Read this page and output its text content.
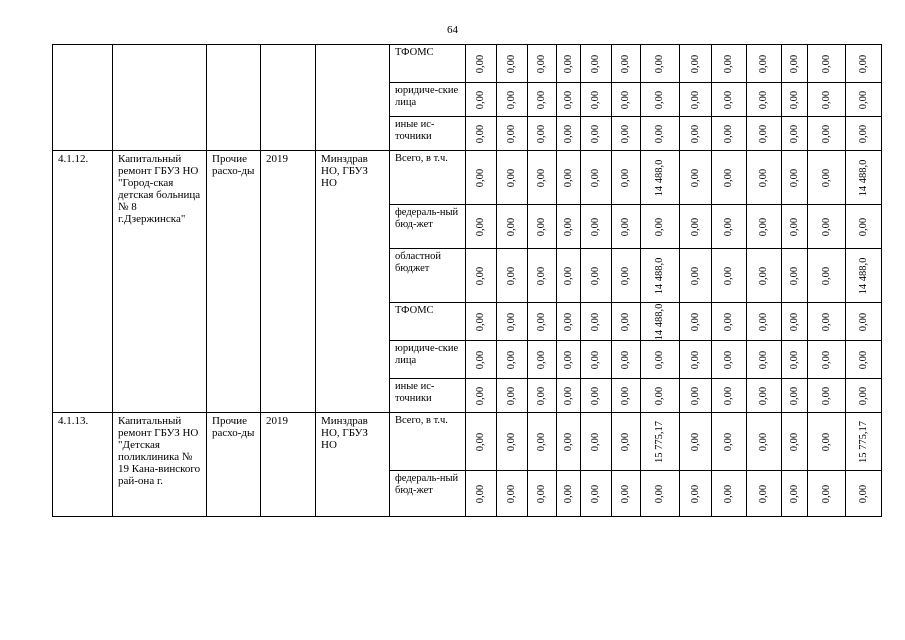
64
					ТФОМС	0,00	0,00	0,00	0,00	0,00	0,00	0,00	0,00	0,00	0,00	0,00	0,00	0,00

					юридиче-ские лица	0,00	0,00	0,00	0,00	0,00	0,00	0,00	0,00	0,00	0,00	0,00	0,00	0,00

					иные ис-точники	0,00	0,00	0,00	0,00	0,00	0,00	0,00	0,00	0,00	0,00	0,00	0,00	0,00

4.1.12.	Капитальный ремонт ГБУЗ НО "Город-ская детская больница № 8 г.Дзержинска"	Прочие расхо-ды	2019	Минздрав НО, ГБУЗ НО	Всего, в т.ч.	0,00	0,00	0,00	0,00	0,00	0,00	14 488,0	0,00	0,00	0,00	0,00	0,00	14 488,0

					федераль-ный бюд-жет	0,00	0,00	0,00	0,00	0,00	0,00	0,00	0,00	0,00	0,00	0,00	0,00	0,00

					областной бюджет	0,00	0,00	0,00	0,00	0,00	0,00	14 488,0	0,00	0,00	0,00	0,00	0,00	14 488,0

					ТФОМС	0,00	0,00	0,00	0,00	0,00	0,00	14 488,0	0,00	0,00	0,00	0,00	0,00	0,00

					юридиче-ские лица	0,00	0,00	0,00	0,00	0,00	0,00	0,00	0,00	0,00	0,00	0,00	0,00	0,00

					иные ис-точники	0,00	0,00	0,00	0,00	0,00	0,00	0,00	0,00	0,00	0,00	0,00	0,00	0,00

4.1.13.	Капитальный ремонт ГБУЗ НО "Детская поликлиника № 19 Кана-винского рай-она г.	Прочие расхо-ды	2019	Минздрав НО, ГБУЗ НО	Всего, в т.ч.	0,00	0,00	0,00	0,00	0,00	0,00	15 775,17	0,00	0,00	0,00	0,00	0,00	15 775,17

					федераль-ный бюд-жет	0,00	0,00	0,00	0,00	0,00	0,00	0,00	0,00	0,00	0,00	0,00	0,00	0,00
